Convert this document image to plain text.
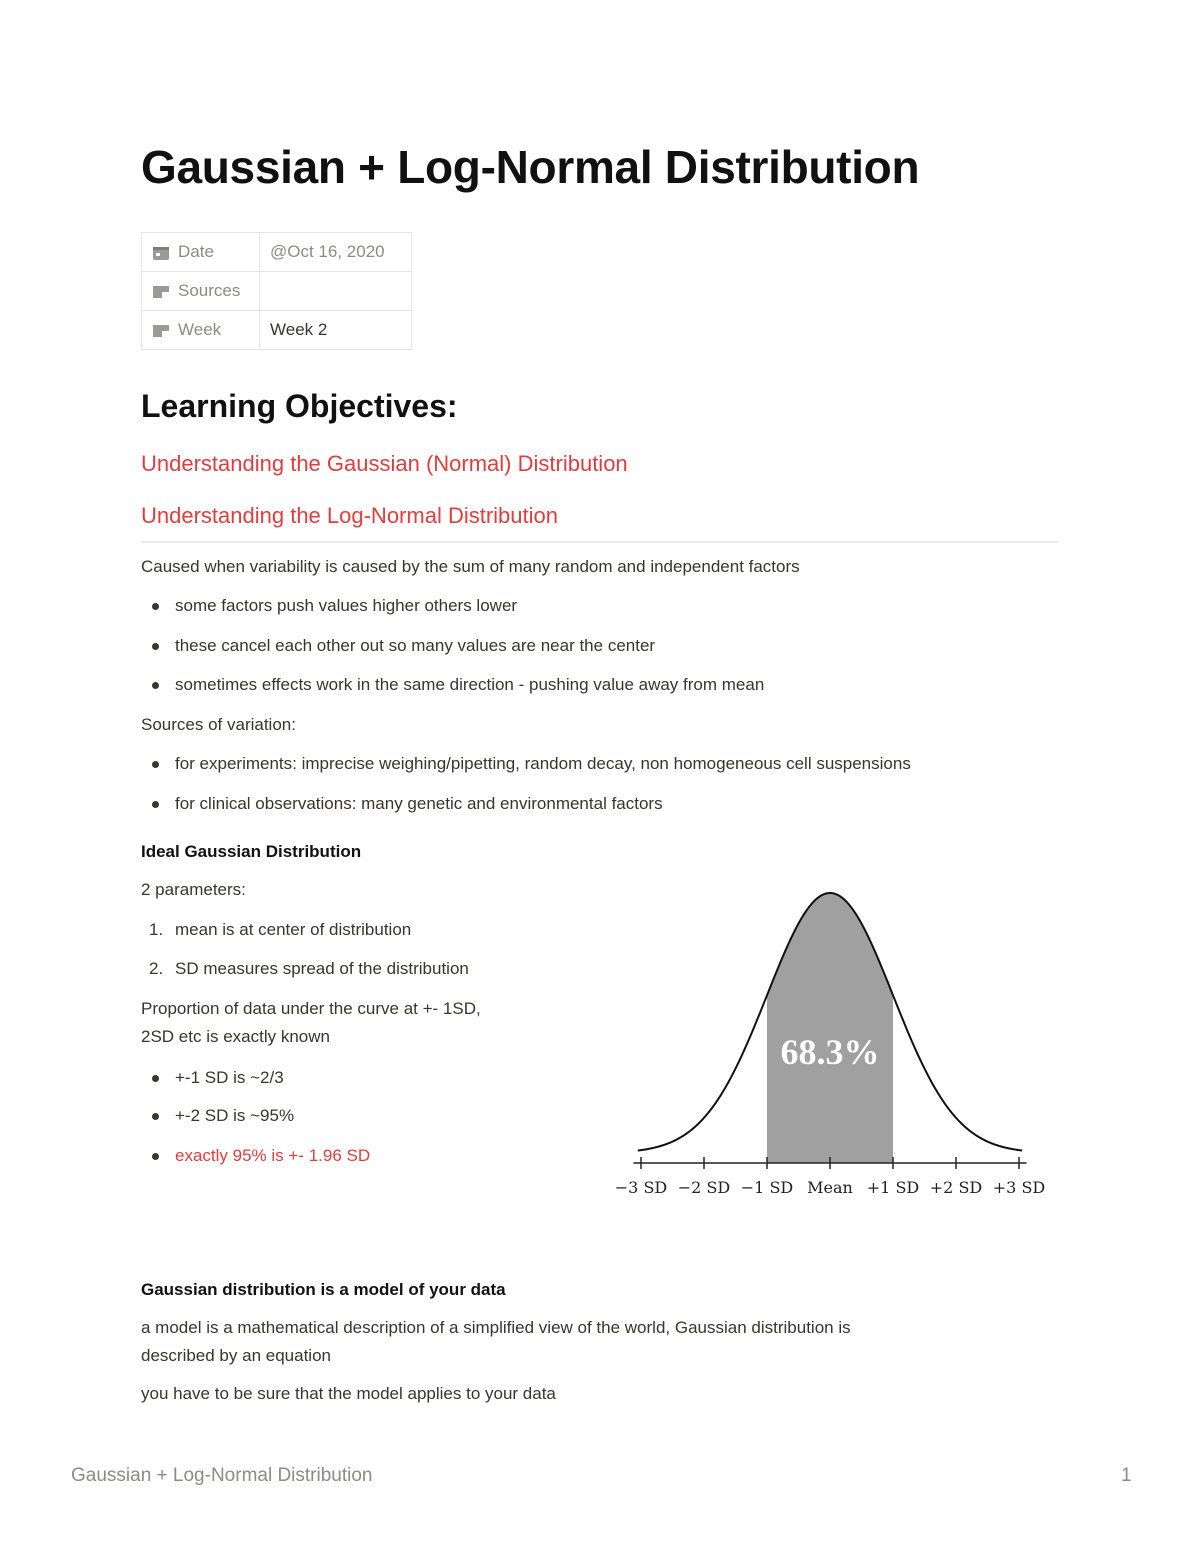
Gaussian + Log-Normal Distribution
Date	@Oct 16, 2020
Sources	
Week	Week 2
Learning Objectives:
Understanding the Gaussian (Normal) Distribution
Understanding the Log-Normal Distribution

Caused when variability is caused by the sum of many random and independent factors

some factors push values higher others lower
these cancel each other out so many values are near the center
sometimes effects work in the same direction - pushing value away from mean

Sources of variation:

for experiments: imprecise weighing/pipetting, random decay, non homogeneous cell suspensions
for clinical observations: many genetic and environmental factors

Ideal Gaussian Distribution

2 parameters:

1. mean is at center of distribution
2. SD measures spread of the distribution

Proportion of data under the curve at +- 1SD,

2SD etc is exactly known

+-1 SD is ~2/3
+-2 SD is ~95%
exactly 95% is +- 1.96 SD
−3 SD −2 SD −1 SD Mean +1 SD +2 SD +3 SD
68.3%

Gaussian distribution is a model of your data

a model is a mathematical description of a simplified view of the world, Gaussian distribution is

described by an equation

you have to be sure that the model applies to your data

Gaussian + Log-Normal Distribution	1
